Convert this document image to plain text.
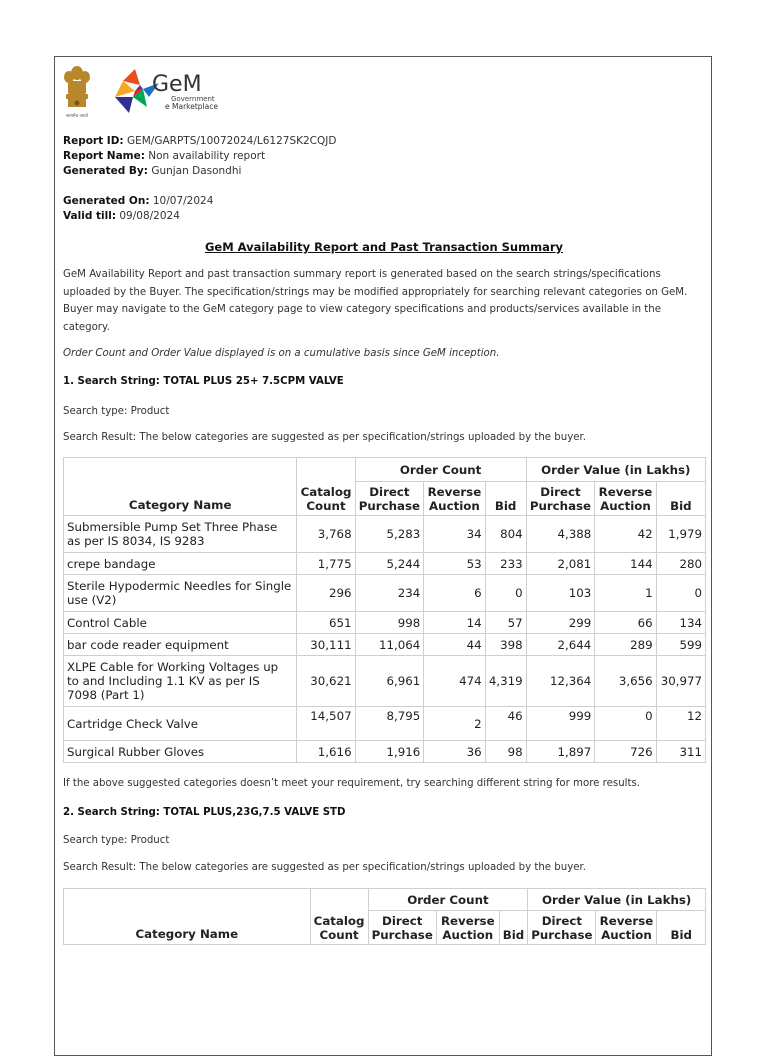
सत्यमेव जयते
GeM
Government
e Marketplace
Report ID: GEM/GARPTS/10072024/L6127SK2CQJD
Report Name: Non availability report
Generated By: Gunjan Dasondhi
Generated On: 10/07/2024
Valid till: 09/08/2024
GeM Availability Report and Past Transaction Summary
GeM Availability Report and past transaction summary report is generated based on the search strings/specifications uploaded by the Buyer. The specification/strings may be modified appropriately for searching relevant categories on GeM. Buyer may navigate to the GeM category page to view category specifications and products/services available in the category.
Order Count and Order Value displayed is on a cumulative basis since GeM inception.
1. Search String: TOTAL PLUS 25+ 7.5CPM VALVE
Search type: Product
Search Result: The below categories are suggested as per specification/strings uploaded by the buyer.
Category Name	Catalog Count	Order Count			Order Value (in Lakhs)		
		Direct Purchase	Reverse Auction	Bid	Direct Purchase	Reverse Auction	Bid
Submersible Pump Set Three Phase as per IS 8034, IS 9283	3,768	5,283	34	804	4,388	42	1,979
crepe bandage	1,775	5,244	53	233	2,081	144	280
Sterile Hypodermic Needles for Single use (V2)	296	234	6	0	103	1	0
Control Cable	651	998	14	57	299	66	134
bar code reader equipment	30,111	11,064	44	398	2,644	289	599
XLPE Cable for Working Voltages up to and Including 1.1 KV as per IS 7098 (Part 1)	30,621	6,961	474	4,319	12,364	3,656	30,977
Cartridge Check Valve	14,507	8,795	2	46	999	0	12
Surgical Rubber Gloves	1,616	1,916	36	98	1,897	726	311
If the above suggested categories doesn’t meet your requirement, try searching different string for more results.
2. Search String: TOTAL PLUS,23G,7.5 VALVE STD
Search type: Product
Search Result: The below categories are suggested as per specification/strings uploaded by the buyer.
Category Name	Catalog Count	Order Count			Order Value (in Lakhs)		
		Direct Purchase	Reverse Auction	Bid	Direct Purchase	Reverse Auction	Bid
